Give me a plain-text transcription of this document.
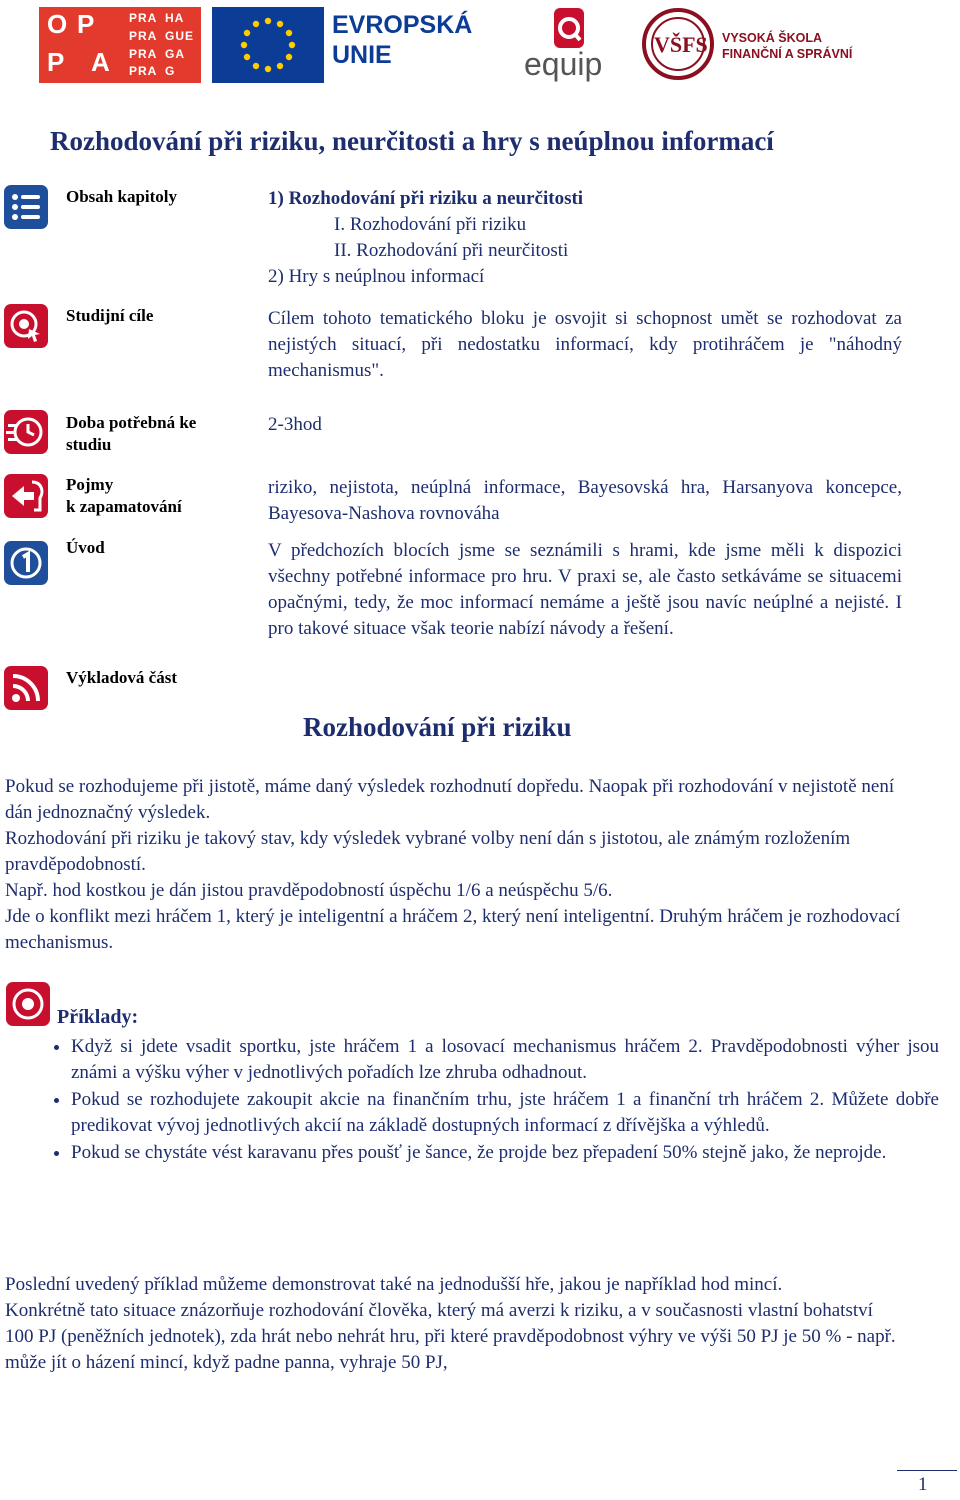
O P
P A
PRA HA
PRA GUE
PRA GA
PRA G
EVROPSKÁ
UNIE	equip
VŠFS VYSOKÁ ŠKOLA
FINANČNÍ A SPRÁVNÍ
Rozhodování při riziku, neurčitosti a hry s neúplnou informací
Obsah kapitoly
Studijní cíle
Doba potřebná ke
studiu
Pojmy
k zapamatování
Úvod
Výkladová část
1) Rozhodování při riziku a neurčitosti
I. Rozhodování při riziku
II. Rozhodování při neurčitosti
2) Hry s neúplnou informací
Cílem tohoto tematického bloku je osvojit si schopnost umět se rozhodovat za nejistých situací, při nedostatku informací, kdy protihráčem je "náhodný mechanismus".
2-3hod
riziko, nejistota, neúplná informace, Bayesovská hra, Harsanyova koncepce, Bayesova-Nashova rovnováha
V předchozích blocích jsme se seznámili s hrami, kde jsme měli k dispozici všechny potřebné informace pro hru. V praxi se, ale často setkáváme se situacemi opačnými, tedy, že moc informací nemáme a ještě jsou navíc neúplné a nejisté. I pro takové situace však teorie nabízí návody a řešení.
Rozhodování při riziku

Pokud se rozhodujeme při jistotě, máme daný výsledek rozhodnutí dopředu. Naopak při rozhodování v nejistotě není dán jednoznačný výsledek.

Rozhodování při riziku je takový stav, kdy výsledek vybrané volby není dán s jistotou, ale známým rozložením pravděpodobností.

Např. hod kostkou je dán jistou pravděpodobností úspěchu 1/6 a neúspěchu 5/6.

Jde o konflikt mezi hráčem 1, který je inteligentní a hráčem 2, který není inteligentní. Druhým hráčem je rozhodovací mechanismus.

Příklady:
• Když si jdete vsadit sportku, jste hráčem 1 a losovací mechanismus hráčem 2. Pravděpodobnosti výher jsou známi a výšku výher v jednotlivých pořadích lze zhruba odhadnout.
• Pokud se rozhodujete zakoupit akcie na finančním trhu, jste hráčem 1 a finanční trh hráčem 2. Můžete dobře predikovat vývoj jednotlivých akcií na základě dostupných informací z dřívějška a výhledů.
• Pokud se chystáte vést karavanu přes poušť je šance, že projde bez přepadení 50% stejně jako, že neprojde.

Poslední uvedený příklad můžeme demonstrovat také na jednodušší hře, jakou je například hod mincí.

Konkrétně tato situace znázorňuje rozhodování člověka, který má averzi k riziku, a v současnosti vlastní bohatství 100 PJ (peněžních jednotek), zda hrát nebo nehrát hru, při které pravděpodobnost výhry ve výši 50 PJ je 50 % - např. může jít o házení mincí, když padne panna, vyhraje 50 PJ,

1
